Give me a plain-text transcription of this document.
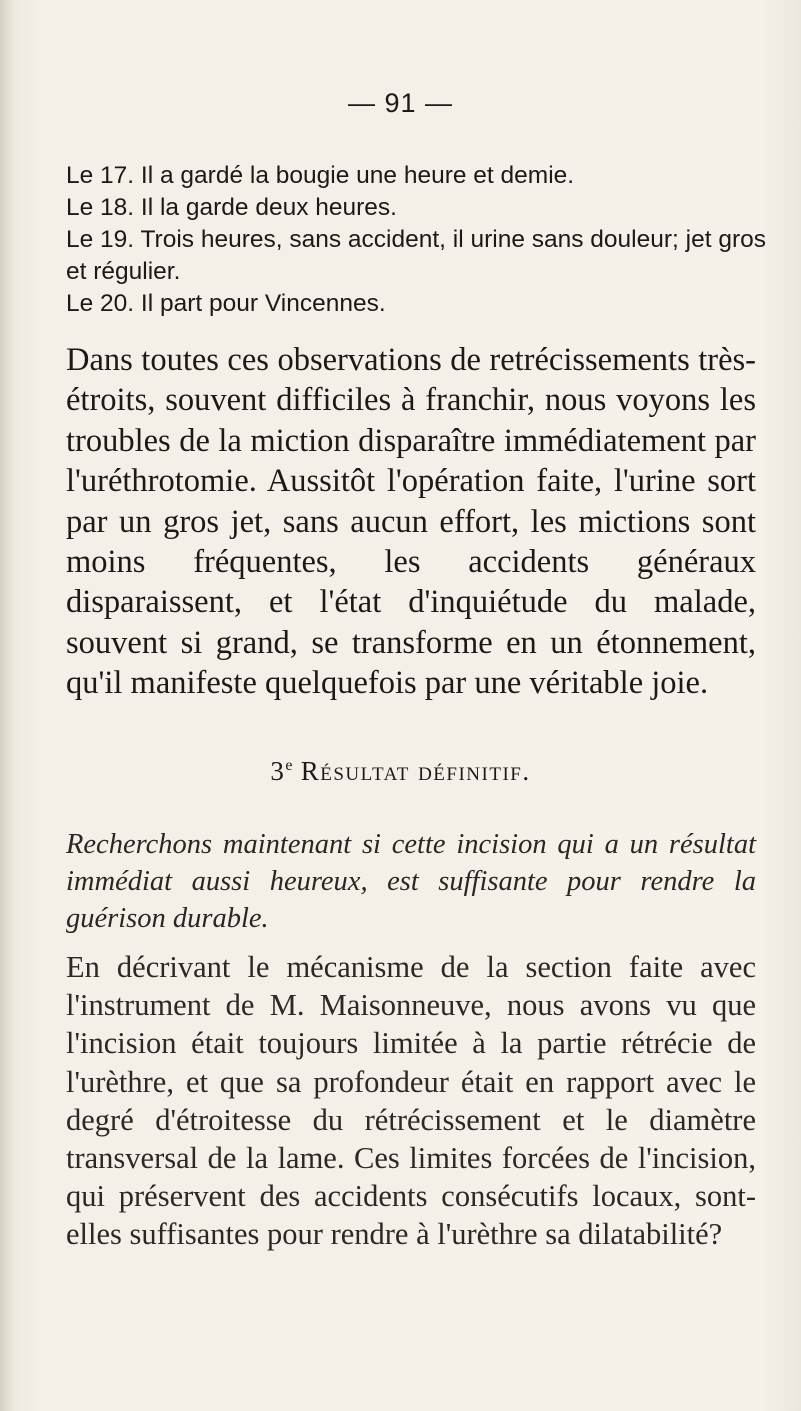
— 91 —

Le 17. Il a gardé la bougie une heure et demie.

Le 18. Il la garde deux heures.

Le 19. Trois heures, sans accident, il urine sans douleur; jet gros et régulier.

Le 20. Il part pour Vincennes.

Dans toutes ces observations de retrécissements très-étroits, souvent difficiles à franchir, nous voyons les troubles de la miction disparaître immédiatement par l'uréthrotomie. Aussitôt l'opération faite, l'urine sort par un gros jet, sans aucun effort, les mictions sont moins fréquentes, les accidents généraux disparaissent, et l'état d'inquiétude du malade, souvent si grand, se transforme en un étonnement, qu'il manifeste quelquefois par une véritable joie.
3e Résultat définitif.
Recherchons maintenant si cette incision qui a un résultat immédiat aussi heureux, est suffisante pour rendre la guérison durable.
En décrivant le mécanisme de la section faite avec l'instrument de M. Maisonneuve, nous avons vu que l'incision était toujours limitée à la partie rétrécie de l'urèthre, et que sa profondeur était en rapport avec le degré d'étroitesse du rétrécissement et le diamètre transversal de la lame. Ces limites forcées de l'incision, qui préservent des accidents consécutifs locaux, sont-elles suffisantes pour rendre à l'urèthre sa dilatabilité?
